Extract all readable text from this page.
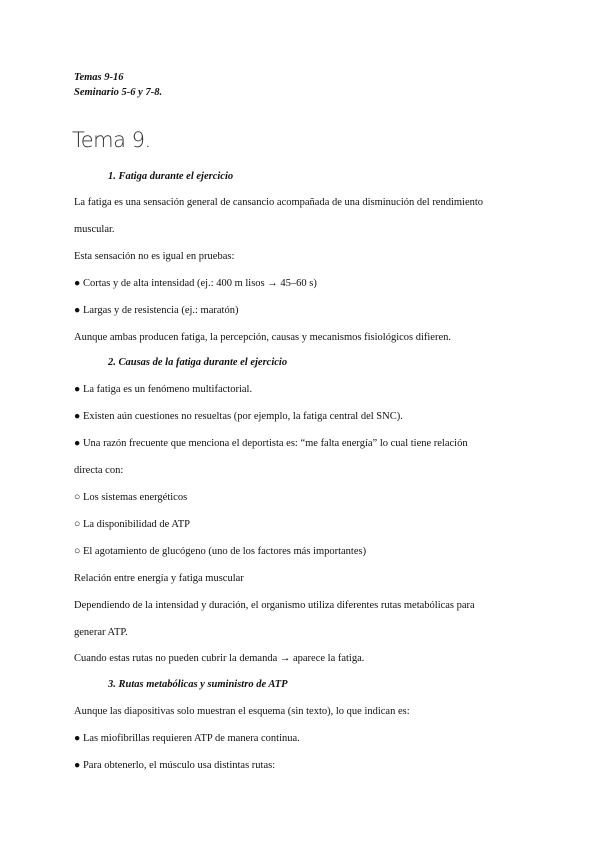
Temas 9-16
Seminario 5-6 y 7-8.
Tema 9.
1. Fatiga durante el ejercicio
La fatiga es una sensación general de cansancio acompañada de una disminución del rendimiento
muscular.
Esta sensación no es igual en pruebas:
● Cortas y de alta intensidad (ej.: 400 m lisos → 45–60 s)
● Largas y de resistencia (ej.: maratón)
Aunque ambas producen fatiga, la percepción, causas y mecanismos fisiológicos difieren.
2. Causas de la fatiga durante el ejercicio
● La fatiga es un fenómeno multifactorial.
● Existen aún cuestiones no resueltas (por ejemplo, la fatiga central del SNC).
● Una razón frecuente que menciona el deportista es: “me falta energía” lo cual tiene relación
directa con:
○ Los sistemas energéticos
○ La disponibilidad de ATP
○ El agotamiento de glucógeno (uno de los factores más importantes)
Relación entre energía y fatiga muscular
Dependiendo de la intensidad y duración, el organismo utiliza diferentes rutas metabólicas para
generar ATP.
Cuando estas rutas no pueden cubrir la demanda → aparece la fatiga.
3. Rutas metabólicas y suministro de ATP
Aunque las diapositivas solo muestran el esquema (sin texto), lo que indican es:
● Las miofibrillas requieren ATP de manera continua.
● Para obtenerlo, el músculo usa distintas rutas:
